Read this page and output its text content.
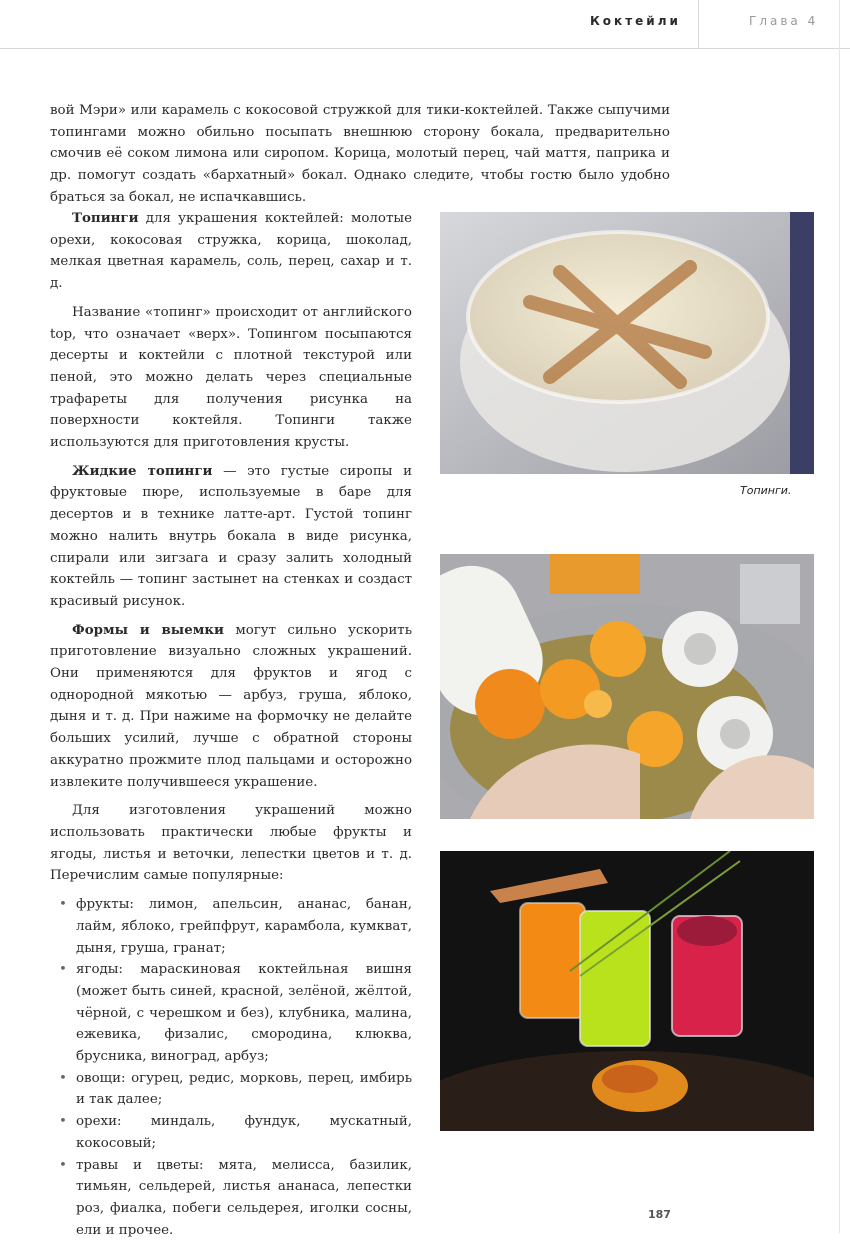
Коктейли	Глава 4

вой Мэри» или карамель с кокосовой стружкой для тики-коктейлей. Также сыпучими топингами можно обильно посыпать внешнюю сторону бокала, предварительно смочив её соком лимона или сиропом. Корица, молотый перец, чай маття, паприка и др. помогут создать «бархатный» бокал. Однако следите, чтобы гостю было удобно браться за бокал, не испачкавшись.

Топинги для украшения коктейлей: молотые орехи, кокосовая стружка, корица, шоколад, мелкая цветная карамель, соль, перец, сахар и т. д.

Название «топинг» происходит от английского top, что означает «верх». Топингом посыпаются десерты и коктейли с плотной текстурой или пеной, это можно делать через специальные трафареты для получения рисунка на поверхности коктейля. Топинги также используются для приготовления крусты.

Жидкие топинги — это густые сиропы и фруктовые пюре, используемые в баре для десертов и в технике латте-арт. Густой топинг можно налить внутрь бокала в виде рисунка, спирали или зигзага и сразу залить холодный коктейль — топинг застынет на стенках и создаст красивый рисунок.

Формы и выемки могут сильно ускорить приготовление визуально сложных украшений. Они применяются для фруктов и ягод с однородной мякотью — арбуз, груша, яблоко, дыня и т. д. При нажиме на формочку не делайте больших усилий, лучше с обратной стороны аккуратно прожмите плод пальцами и осторожно извлеките получившееся украшение.

Для изготовления украшений можно использовать практически любые фрукты и ягоды, листья и веточки, лепестки цветов и т. д. Перечислим самые популярные:

• фрукты: лимон, апельсин, ананас, банан, лайм, яблоко, грейпфрут, карамбола, кумкват, дыня, груша, гранат;
• ягоды: мараскиновая коктейльная вишня (может быть синей, красной, зелёной, жёлтой, чёрной, с черешком и без), клубника, малина, ежевика, физалис, смородина, клюква, брусника, виноград, арбуз;
• овощи: огурец, редис, морковь, перец, имбирь и так далее;
• орехи: миндаль, фундук, мускатный, кокосовый;
• травы и цветы: мята, мелисса, базилик, тимьян, сельдерей, листья ананаса, лепестки роз, фиалка, побеги сельдерея, иголки сосны, ели и прочее.
Топинги.
187
